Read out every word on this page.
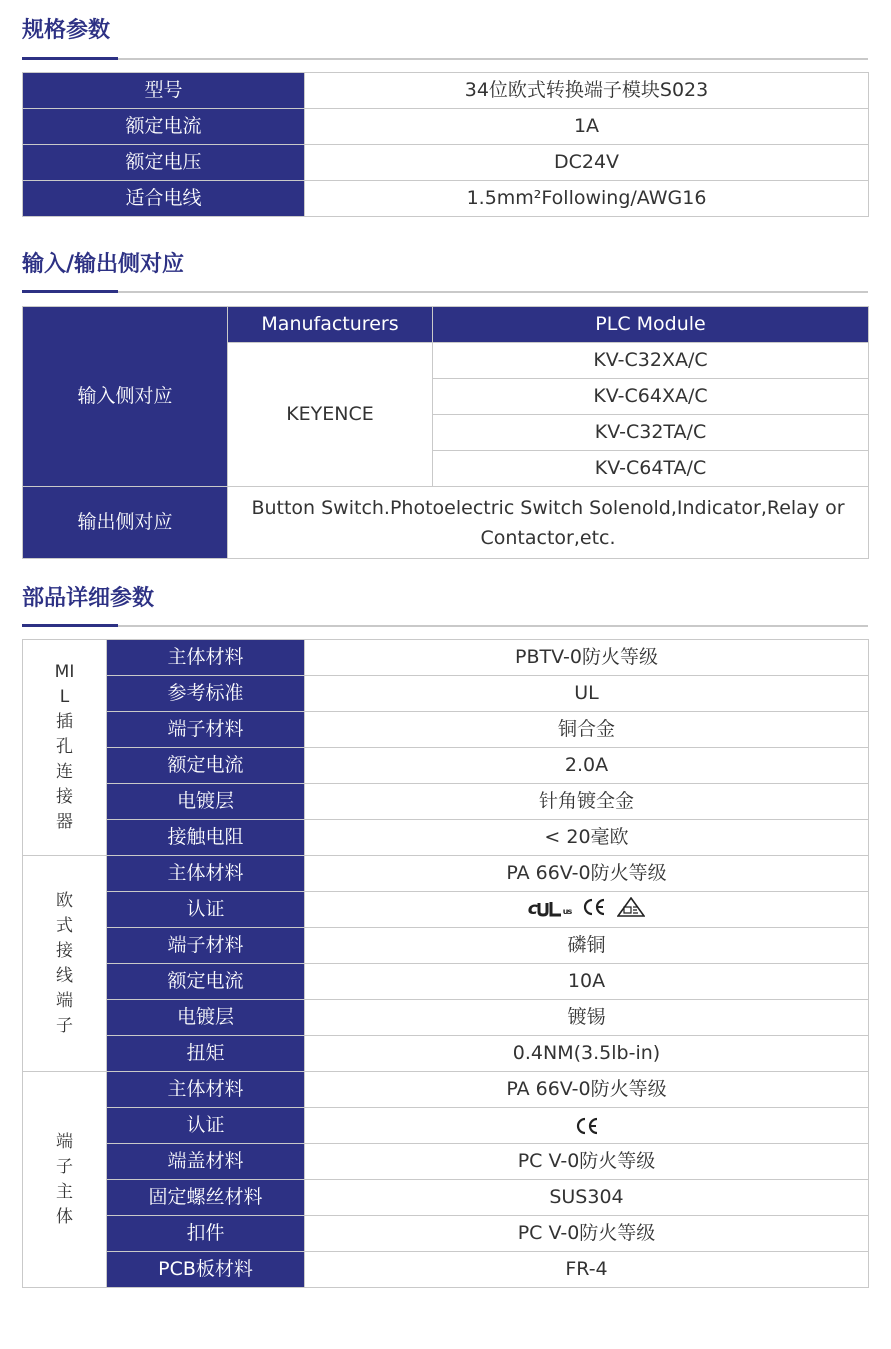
规格参数
型号	34位欧式转换端子模块S023
额定电流	1A
额定电压	DC24V
适合电线	1.5mm²Following/AWG16
输入/输出侧对应
输入侧对应	Manufacturers	PLC Module
	KEYENCE	KV-C32XA/C
		KV-C64XA/C
		KV-C32TA/C
		KV-C64TA/C
输出侧对应	Button Switch.Photoelectric Switch Solenold,Indicator,Relay or Contactor,etc.	
部品详细参数
MIL插孔连接器	主体材料	PBTV-0防火等级
	参考标准	UL
	端子材料	铜合金
	额定电流	2.0A
	电镀层	针角镀全金
	接触电阻	< 20毫欧
欧式接线端子	主体材料	PA 66V-0防火等级
	认证	c us

	端子材料	磷铜
	额定电流	10A
	电镀层	镀锡
	扭矩	0.4NM(3.5lb-in)
端子主体	主体材料	PA 66V-0防火等级
	认证	
	端盖材料	PC V-0防火等级
	固定螺丝材料	SUS304
	扣件	PC V-0防火等级
	PCB板材料	FR-4
